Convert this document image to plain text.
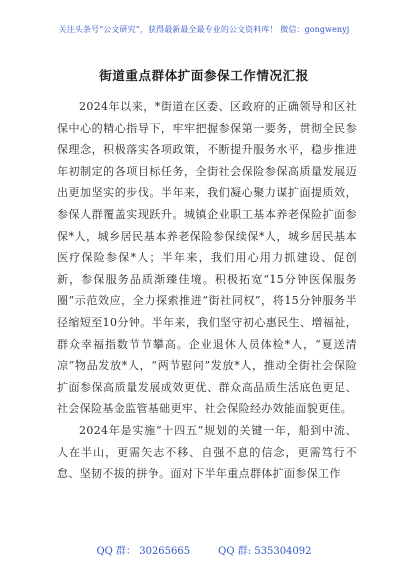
关注头条号“公文研究”，获得最新最全最专业的公文资料库！ 微信：gongwenyj
街道重点群体扩面参保工作情况汇报

2024年以来，*街道在区委、区政府的正确领导和区社保中心的精心指导下，牢牢把握参保第一要务，贯彻全民参保理念，积极落实各项政策，不断提升服务水平，稳步推进年初制定的各项目标任务，全街社会保险参保高质量发展迈出更加坚实的步伐。半年来，我们凝心聚力谋扩面提质效，参保人群覆盖实现跃升。城镇企业职工基本养老保险扩面参保*人，城乡居民基本养老保险参保续保*人，城乡居民基本医疗保险参保*人；半年来，我们用心用力抓建设、促创新，参保服务品质渐臻佳境。积极拓宽“15分钟医保服务圈”示范效应，全力探索推进“街社同权”，将15分钟服务半径缩短至10分钟。半年来，我们坚守初心惠民生、增福祉，群众幸福指数节节攀高。企业退休人员体检*人，“夏送清凉”物品发放*人，“两节慰问”发放*人，推动全街社会保险扩面参保高质量发展成效更优、群众高品质生活底色更足、社会保险基金监管基础更牢、社会保险经办效能面貌更佳。

2024年是实施“十四五”规划的关键一年，船到中流、人在半山，更需矢志不移、自强不息的信念，更需笃行不怠、坚韧不拔的拼争。面对下半年重点群体扩面参保工作

QQ 群： 30265665	QQ 群: 535304092
